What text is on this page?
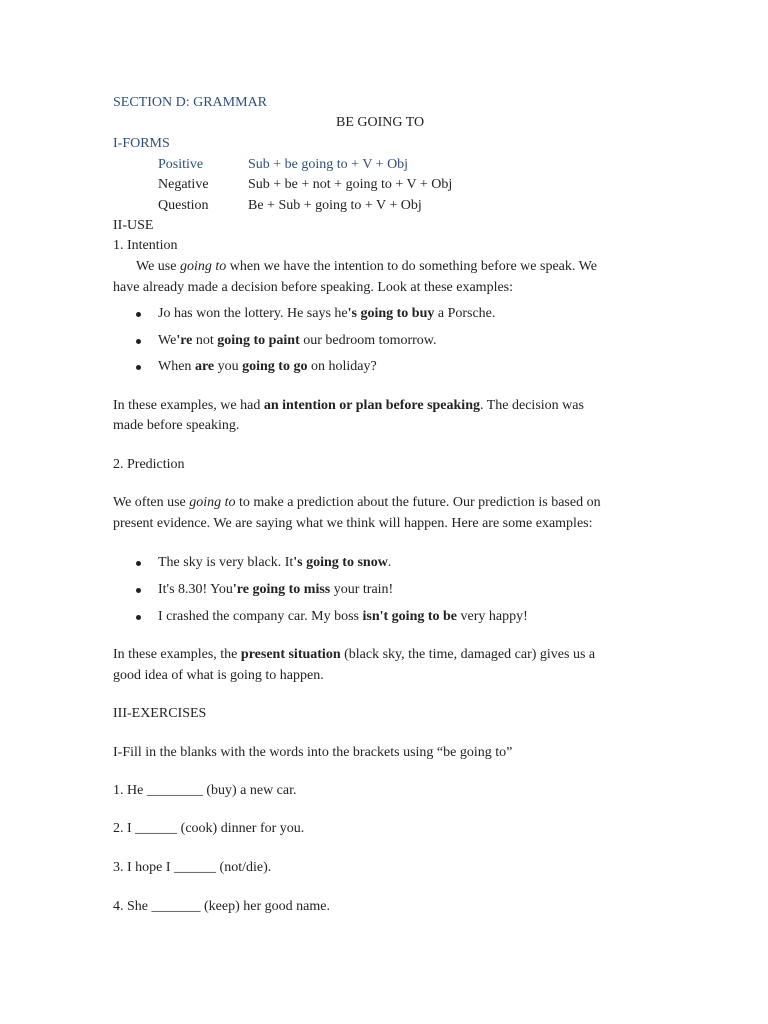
SECTION D: GRAMMAR
BE GOING TO
I-FORMS
Positive	Sub + be going to + V + Obj
Negative	Sub + be + not + going to + V + Obj
Question	Be + Sub + going to + V + Obj
II-USE
1. Intention
We use going to when we have the intention to do something before we speak. We
have already made a decision before speaking. Look at these examples:
Jo has won the lottery. He says he's going to buy a Porsche.
We're not going to paint our bedroom tomorrow.
When are you going to go on holiday?
In these examples, we had an intention or plan before speaking. The decision was
made before speaking.
2. Prediction
We often use going to to make a prediction about the future. Our prediction is based on
present evidence. We are saying what we think will happen. Here are some examples:
The sky is very black. It's going to snow.
It's 8.30! You're going to miss your train!
I crashed the company car. My boss isn't going to be very happy!
In these examples, the present situation (black sky, the time, damaged car) gives us a
good idea of what is going to happen.
III-EXERCISES
I-Fill in the blanks with the words into the brackets using “be going to”
1. He ________ (buy) a new car.
2. I ______ (cook) dinner for you.
3. I hope I ______ (not/die).
4. She _______ (keep) her good name.
